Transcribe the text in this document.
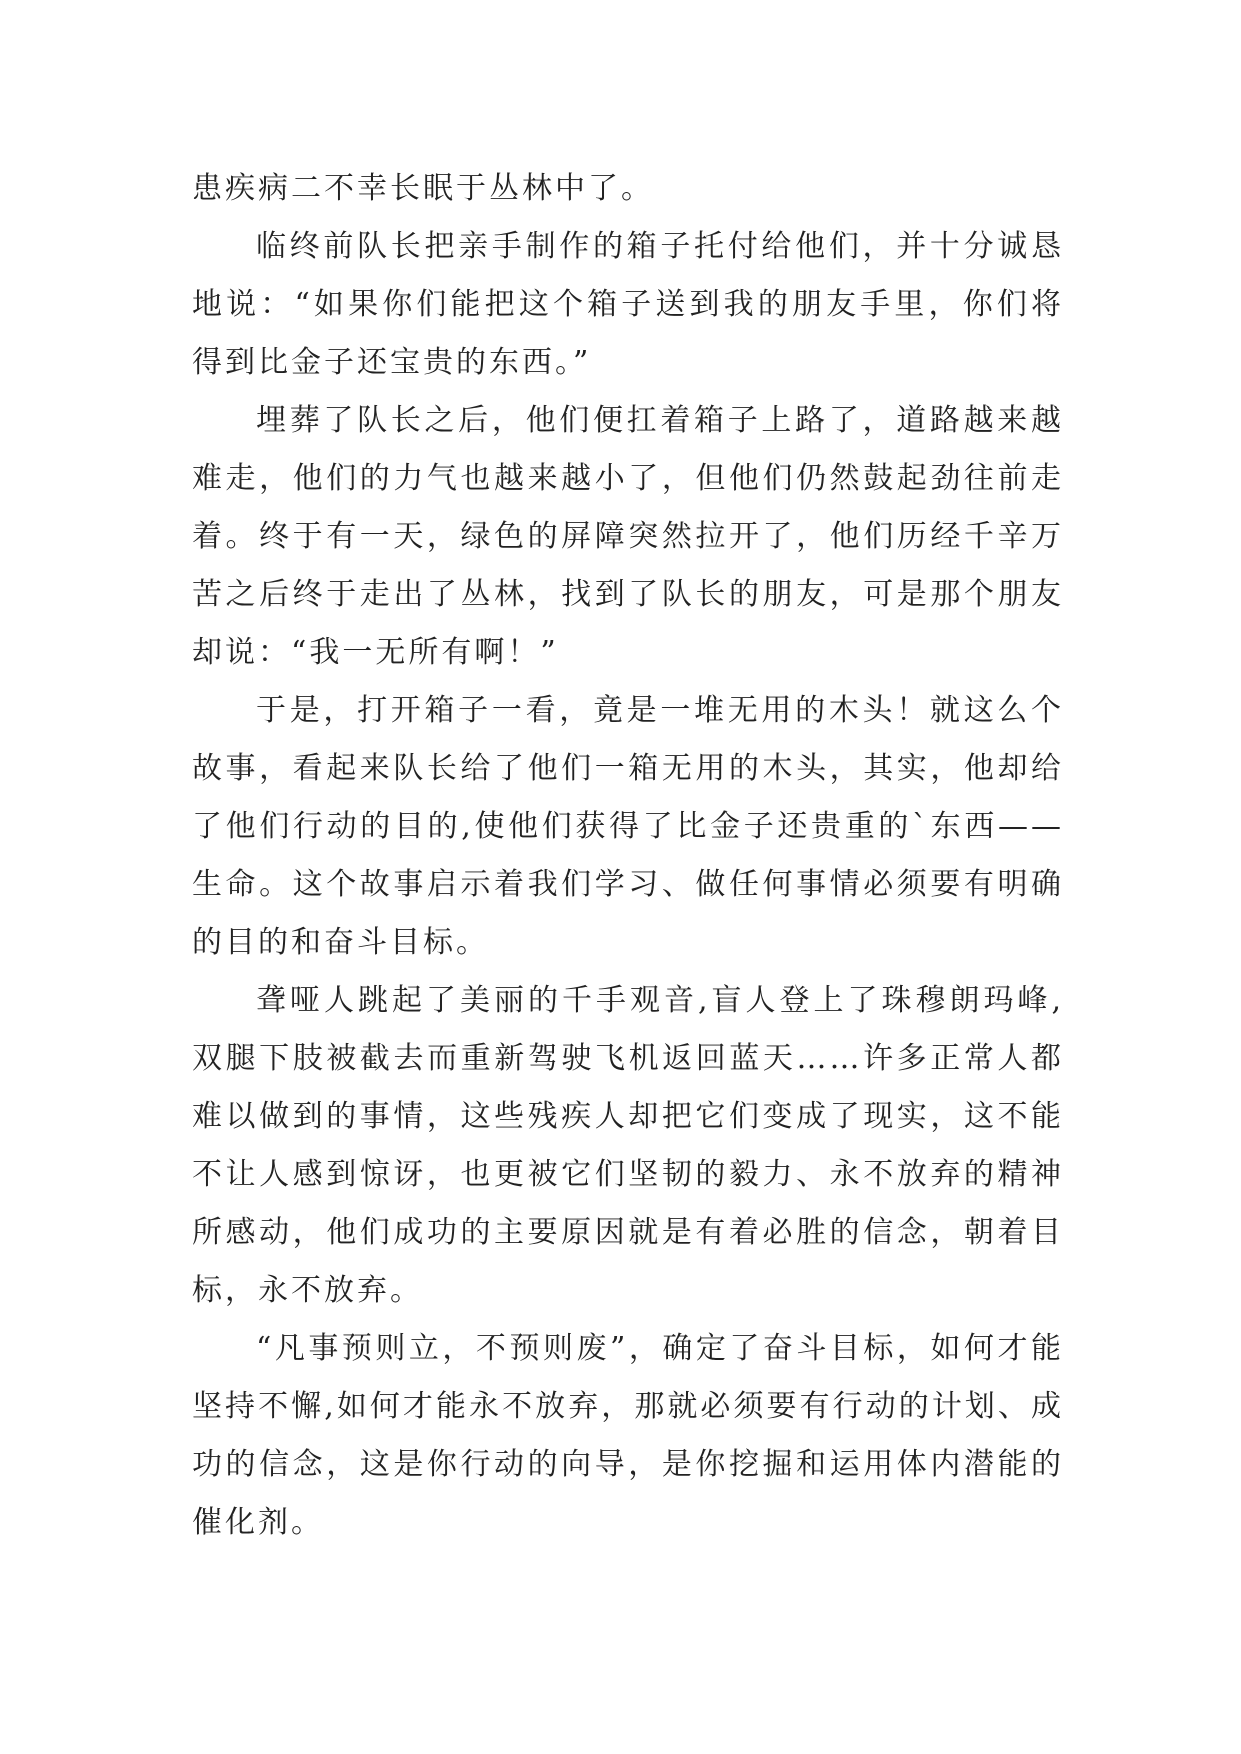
患疾病二不幸长眠于丛林中了。

临终前队长把亲手制作的箱子托付给他们，并十分诚恳地说：“如果你们能把这个箱子送到我的朋友手里，你们将得到比金子还宝贵的东西。”

埋葬了队长之后，他们便扛着箱子上路了，道路越来越难走，他们的力气也越来越小了，但他们仍然鼓起劲往前走着。终于有一天，绿色的屏障突然拉开了，他们历经千辛万苦之后终于走出了丛林，找到了队长的朋友，可是那个朋友却说：“我一无所有啊！”

于是，打开箱子一看，竟是一堆无用的木头！就这么个故事，看起来队长给了他们一箱无用的木头，其实，他却给了他们行动的目的,使他们获得了比金子还贵重的`东西——生命。这个故事启示着我们学习、做任何事情必须要有明确的目的和奋斗目标。

聋哑人跳起了美丽的千手观音,盲人登上了珠穆朗玛峰,双腿下肢被截去而重新驾驶飞机返回蓝天……许多正常人都难以做到的事情，这些残疾人却把它们变成了现实，这不能不让人感到惊讶，也更被它们坚韧的毅力、永不放弃的精神所感动，他们成功的主要原因就是有着必胜的信念，朝着目标，永不放弃。

“凡事预则立，不预则废”，确定了奋斗目标，如何才能坚持不懈,如何才能永不放弃，那就必须要有行动的计划、成功的信念，这是你行动的向导，是你挖掘和运用体内潜能的催化剂。
